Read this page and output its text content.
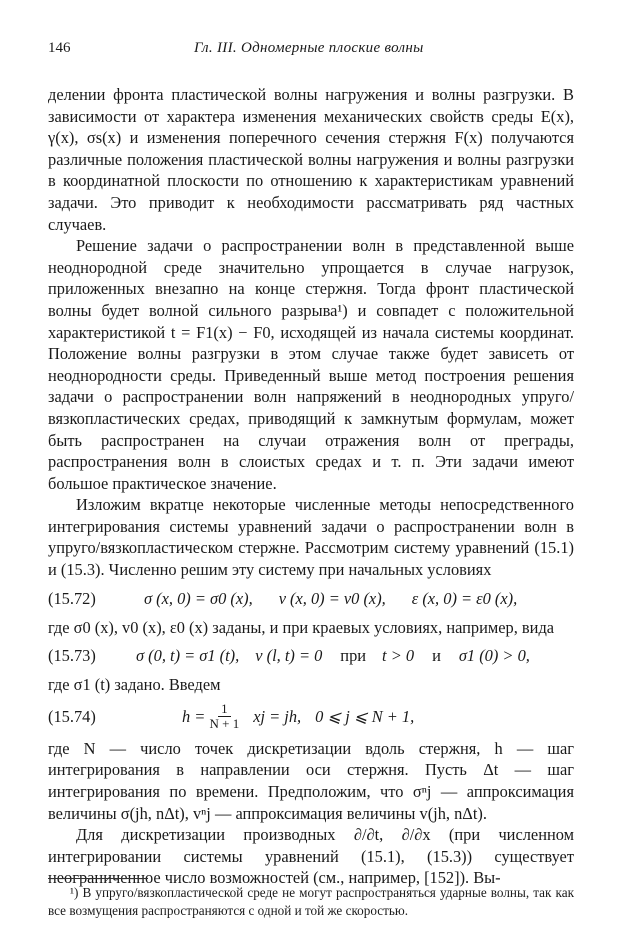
146	Гл. III. Одномерные плоские волны

делении фронта пластической волны нагружения и волны разгрузки. В зависимости от характера изменения механических свойств среды E(x), γ(x), σs(x) и изменения поперечного сечения стержня F(x) получаются различные положения пластической волны нагружения и волны разгрузки в координатной плоскости по отношению к характеристикам уравнений задачи. Это приводит к необходимости рассматривать ряд частных случаев.

Решение задачи о распространении волн в представленной выше неоднородной среде значительно упрощается в случае нагрузок, приложенных внезапно на конце стержня. Тогда фронт пластической волны будет волной сильного разрыва¹) и совпадет с положительной характеристикой t = F1(x) − F0, исходящей из начала системы координат. Положение волны разгрузки в этом случае также будет зависеть от неоднородности среды. Приведенный выше метод построения решения задачи о распространении волн напряжений в неоднородных упруго/вязкопластических средах, приводящий к замкнутым формулам, может быть распространен на случаи отражения волн от преграды, распространения волн в слоистых средах и т. п. Эти задачи имеют большое практическое значение.

Изложим вкратце некоторые численные методы непосредственного интегрирования системы уравнений задачи о распространении волн в упруго/вязкопластическом стержне. Рассмотрим систему уравнений (15.1) и (15.3). Численно решим эту систему при начальных условиях

(15.72)	σ (x, 0) = σ0 (x), v (x, 0) = v0 (x), ε (x, 0) = ε0 (x),

где σ0 (x), v0 (x), ε0 (x) заданы, и при краевых условиях, например, вида

(15.73)	σ (0, t) = σ1 (t), v (l, t) = 0 при t > 0 и σ1 (0) > 0,

где σ1 (t) задано. Введем

(15.74)	h =
$\frac{1}{N + 1}$ xj = jh, 0 ⩽ j ⩽ N + 1,

где N — число точек дискретизации вдоль стержня, h — шаг интегрирования в направлении оси стержня. Пусть Δt — шаг интегрирования по времени. Предположим, что σⁿj — аппроксимация величины σ(jh, nΔt), vⁿj — аппроксимация величины v(jh, nΔt).

Для дискретизации производных ∂/∂t, ∂/∂x (при численном интегрировании системы уравнений (15.1), (15.3)) существует неограниченное число возможностей (см., например, [152]). Вы-

¹) В упруго/вязкопластической среде не могут распространяться ударные волны, так как все возмущения распространяются с одной и той же скоростью.
